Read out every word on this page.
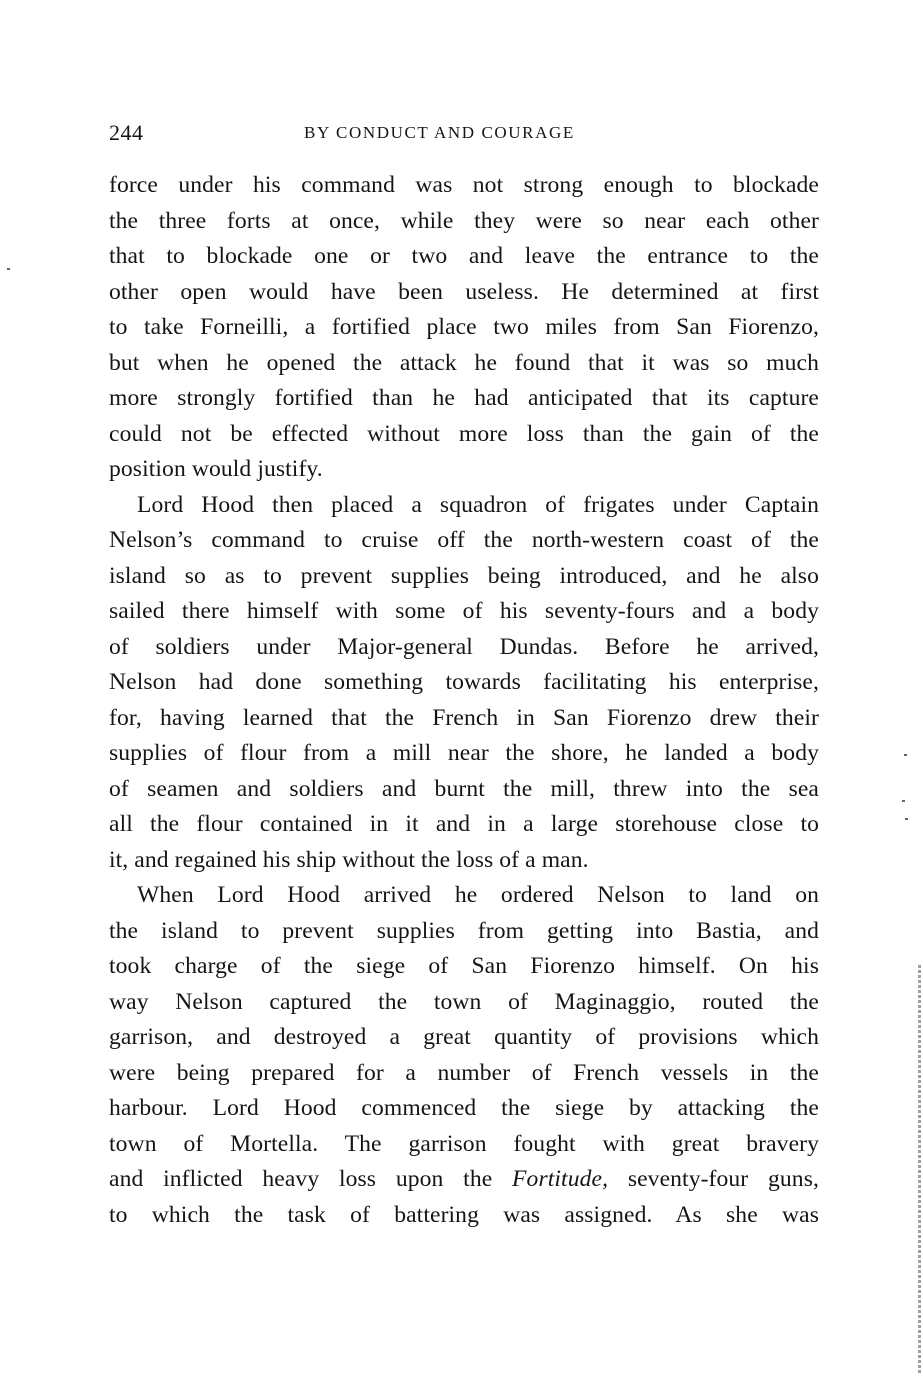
244	BY CONDUCT AND COURAGE
force under his command was not strong enough to blockade
the three forts at once, while they were so near each other
that to blockade one or two and leave the entrance to the
other open would have been useless. He determined at first
to take Forneilli, a fortified place two miles from San Fiorenzo,
but when he opened the attack he found that it was so much
more strongly fortified than he had anticipated that its capture
could not be effected without more loss than the gain of the
position would justify.
Lord Hood then placed a squadron of frigates under Captain
Nelson’s command to cruise off the north-western coast of the
island so as to prevent supplies being introduced, and he also
sailed there himself with some of his seventy-fours and a body
of soldiers under Major-general Dundas. Before he arrived,
Nelson had done something towards facilitating his enterprise,
for, having learned that the French in San Fiorenzo drew their
supplies of flour from a mill near the shore, he landed a body
of seamen and soldiers and burnt the mill, threw into the sea
all the flour contained in it and in a large storehouse close to
it, and regained his ship without the loss of a man.
When Lord Hood arrived he ordered Nelson to land on
the island to prevent supplies from getting into Bastia, and
took charge of the siege of San Fiorenzo himself. On his
way Nelson captured the town of Maginaggio, routed the
garrison, and destroyed a great quantity of provisions which
were being prepared for a number of French vessels in the
harbour. Lord Hood commenced the siege by attacking the
town of Mortella. The garrison fought with great bravery
and inflicted heavy loss upon the Fortitude, seventy-four guns,
to which the task of battering was assigned. As she was
